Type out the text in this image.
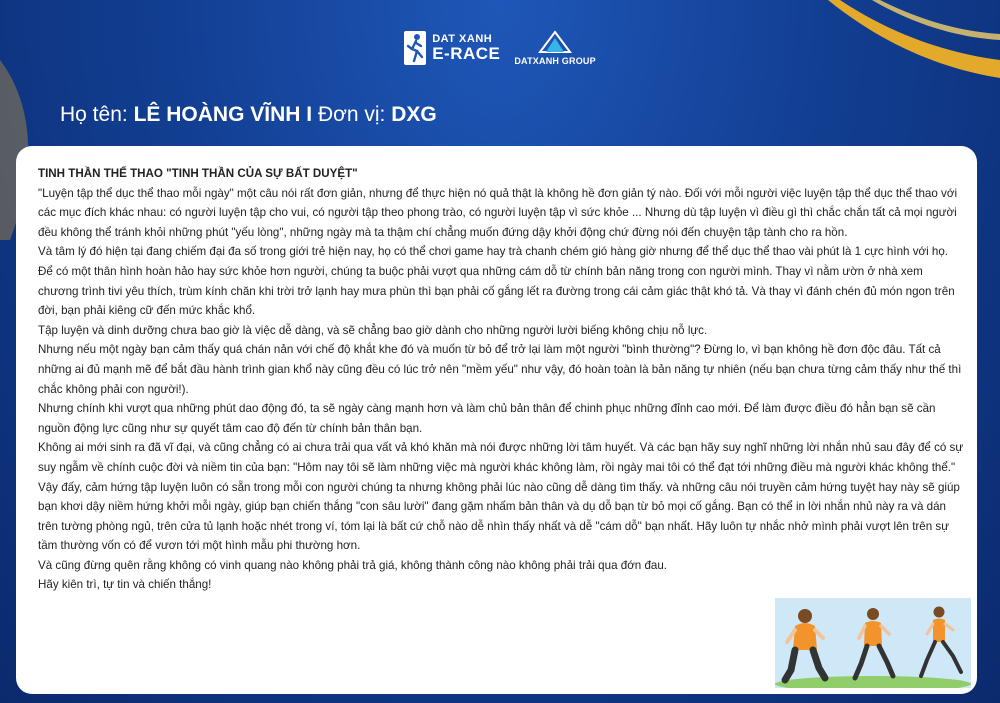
DAT XANH
E-RACE DATXANH GROUP
Họ tên: LÊ HOÀNG VĨNH I Đơn vị: DXG

TINH THẦN THỂ THAO "TINH THẦN CỦA SỰ BẤT DUYỆT"

"Luyện tập thể dục thể thao mỗi ngày" một câu nói rất đơn giản, nhưng để thực hiện nó quả thật là không hề đơn giản tý nào. Đối với mỗi người việc luyện tập thể dục thể thao với các mục đích khác nhau: có người luyện tập cho vui, có người tập theo phong trào, có người luyện tập vì sức khỏe ... Nhưng dù tập luyện vì điều gì thì chắc chắn tất cả mọi người đều không thể tránh khỏi những phút "yếu lòng", những ngày mà ta thậm chí chẳng muốn đứng dậy khởi động chứ đừng nói đến chuyện tập tành cho ra hồn.

Và tâm lý đó hiện tại đang chiếm đại đa số trong giới trẻ hiện nay, họ có thể chơi game hay trà chanh chém gió hàng giờ nhưng để thể dục thể thao vài phút là 1 cực hình với họ.

Để có một thân hình hoàn hảo hay sức khỏe hơn người, chúng ta buộc phải vượt qua những cám dỗ từ chính bản năng trong con người mình. Thay vì nằm ườn ở nhà xem chương trình tivi yêu thích, trùm kính chăn khi trời trở lạnh hay mưa phùn thì bạn phải cố gắng lết ra đường trong cái cảm giác thật khó tả. Và thay vì đánh chén đủ món ngon trên đời, bạn phải kiêng cữ đến mức khắc khổ.

Tập luyện và dinh dưỡng chưa bao giờ là việc dễ dàng, và sẽ chẳng bao giờ dành cho những người lười biếng không chịu nỗ lực.

Nhưng nếu một ngày bạn cảm thấy quá chán nản với chế độ khắt khe đó và muốn từ bỏ để trở lại làm một người "bình thường"? Đừng lo, vì bạn không hề đơn độc đâu. Tất cả những ai đủ mạnh mẽ để bắt đầu hành trình gian khổ này cũng đều có lúc trở nên "mềm yếu" như vậy, đó hoàn toàn là bản năng tự nhiên (nếu bạn chưa từng cảm thấy như thế thì chắc không phải con người!).

Nhưng chính khi vượt qua những phút dao động đó, ta sẽ ngày càng mạnh hơn và làm chủ bản thân để chinh phục những đỉnh cao mới. Để làm được điều đó hẳn bạn sẽ cần nguồn động lực cũng như sự quyết tâm cao độ đến từ chính bản thân bạn.

Không ai mới sinh ra đã vĩ đại, và cũng chẳng có ai chưa trải qua vất vả khó khăn mà nói được những lời tâm huyết. Và các bạn hãy suy nghĩ những lời nhắn nhủ sau đây để có sự suy ngẫm về chính cuộc đời và niềm tin của bạn: "Hôm nay tôi sẽ làm những việc mà người khác không làm, rồi ngày mai tôi có thể đạt tới những điều mà người khác không thể."

Vậy đấy, cảm hứng tập luyện luôn có sẵn trong mỗi con người chúng ta nhưng không phải lúc nào cũng dễ dàng tìm thấy. và những câu nói truyền cảm hứng tuyệt hay này sẽ giúp bạn khơi dậy niềm hứng khởi mỗi ngày, giúp bạn chiến thắng "con sâu lười" đang gặm nhấm bản thân và dụ dỗ bạn từ bỏ mọi cố gắng. Bạn có thể in lời nhắn nhủ này ra và dán trên tường phòng ngủ, trên cửa tủ lạnh hoặc nhét trong ví, tóm lại là bất cứ chỗ nào dễ nhìn thấy nhất và dễ "cám dỗ" bạn nhất. Hãy luôn tự nhắc nhở mình phải vượt lên trên sự tầm thường vốn có để vươn tới một hình mẫu phi thường hơn.

Và cũng đừng quên rằng không có vinh quang nào không phải trả giá, không thành công nào không phải trải qua đớn đau.

Hãy kiên trì, tự tin và chiến thắng!
